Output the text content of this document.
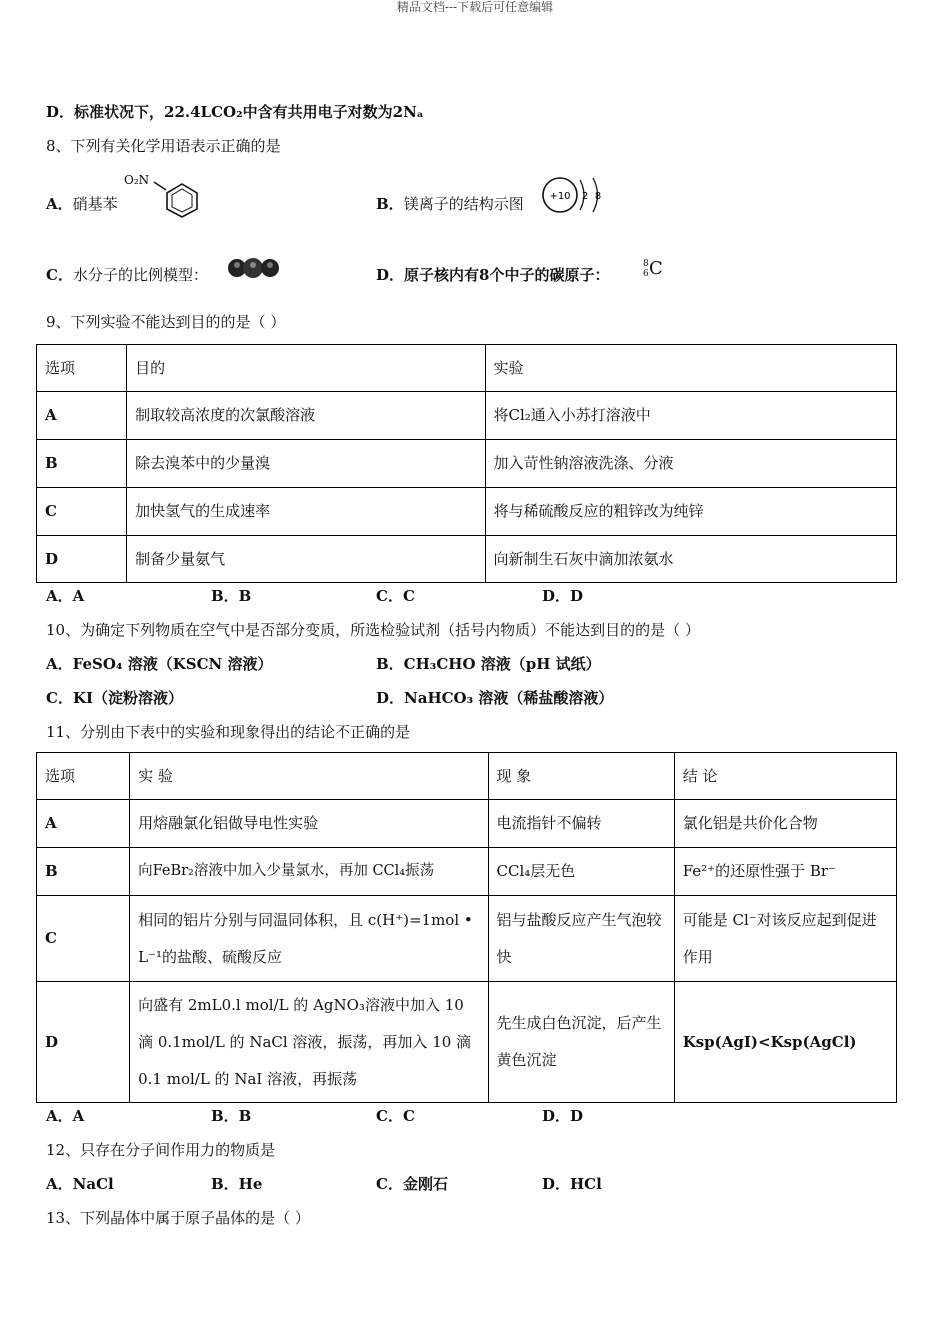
精品文档---下载后可任意编辑
D．标准状况下，22.4LCO₂中含有共用电子对数为2Nₐ
8、下列有关化学用语表示正确的是
A．硝基苯
O₂N
B．镁离子的结构示图	+10 2 8
C．水分子的比例模型：	D．原子核内有8个中子的碳原子：
8
6 C
9、下列实验不能达到目的的是（ ）
选项	目的	实验
A	制取较高浓度的次氯酸溶液	将Cl₂通入小苏打溶液中
B	除去溴苯中的少量溴	加入苛性钠溶液洗涤、分液
C	加快氢气的生成速率	将与稀硫酸反应的粗锌改为纯锌
D	制备少量氨气	向新制生石灰中滴加浓氨水
A．A	B．B	C．C	D．D
10、为确定下列物质在空气中是否部分变质，所选检验试剂（括号内物质）不能达到目的的是（ ）
A．FeSO₄ 溶液（KSCN 溶液）	B．CH₃CHO 溶液（pH 试纸）
C．KI（淀粉溶液）	D．NaHCO₃ 溶液（稀盐酸溶液）
11、分别由下表中的实验和现象得出的结论不正确的是
选项	实 验	现 象	结 论
A	用熔融氯化铝做导电性实验	电流指针不偏转	氯化铝是共价化合物
B	向FeBr₂溶液中加入少量氯水，再加 CCl₄振荡	CCl₄层无色	Fe²⁺的还原性强于 Br⁻
C	相同的铝片分别与同温同体积，且 c(H⁺)=1mol • L⁻¹的盐酸、硫酸反应	铝与盐酸反应产生气泡较快	可能是 Cl⁻对该反应起到促进作用
D	向盛有 2mL0.l mol/L 的 AgNO₃溶液中加入 10 滴 0.1mol/L 的 NaCl 溶液，振荡，再加入 10 滴 0.1 mol/L 的 NaI 溶液，再振荡	先生成白色沉淀，后产生黄色沉淀	Ksp(AgI)<Ksp(AgCl)
A．A	B．B	C．C	D．D
12、只存在分子间作用力的物质是
A．NaCl	B．He	C．金刚石	D．HCl
13、下列晶体中属于原子晶体的是（ ）
